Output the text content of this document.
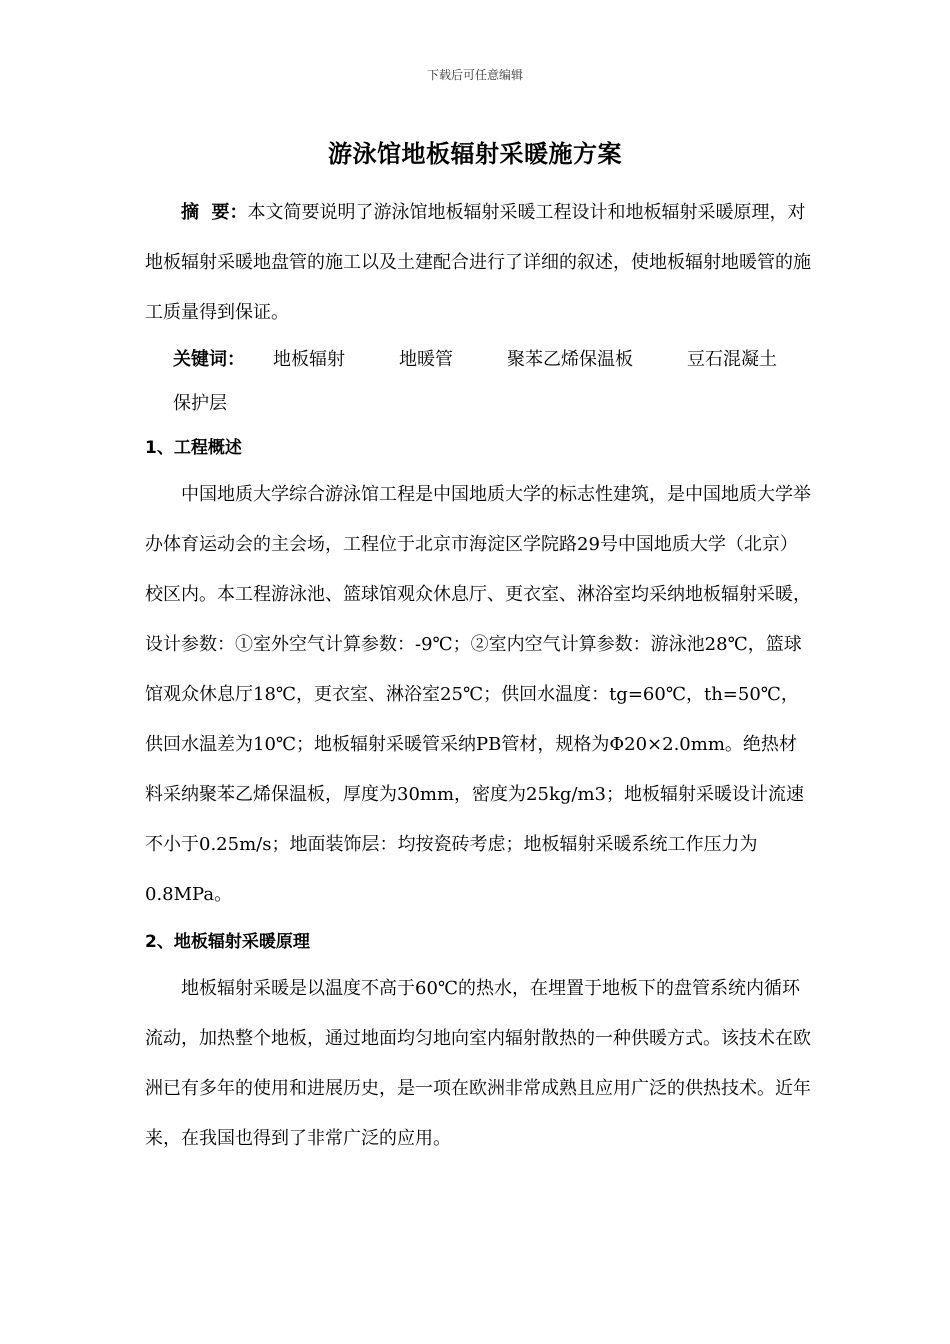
下载后可任意编辑
游泳馆地板辐射采暖施方案

摘  要：本文简要说明了游泳馆地板辐射采暖工程设计和地板辐射采暖原理，对地板辐射采暖地盘管的施工以及土建配合进行了详细的叙述，使地板辐射地暖管的施工质量得到保证。

关键词： 地板辐射	地暖管	聚苯乙烯保温板	豆石混凝土保护层

1、工程概述

中国地质大学综合游泳馆工程是中国地质大学的标志性建筑，是中国地质大学举办体育运动会的主会场，工程位于北京市海淀区学院路29号中国地质大学（北京）校区内。本工程游泳池、篮球馆观众休息厅、更衣室、淋浴室均采纳地板辐射采暖，设计参数：①室外空气计算参数：-9℃；②室内空气计算参数：游泳池28℃，篮球馆观众休息厅18℃，更衣室、淋浴室25℃；供回水温度：tg=60℃，th=50℃，供回水温差为10℃；地板辐射采暖管采纳PB管材，规格为Φ20×2.0mm。绝热材料采纳聚苯乙烯保温板，厚度为30mm，密度为25kg/m3；地板辐射采暖设计流速不小于0.25m/s；地面装饰层：均按瓷砖考虑；地板辐射采暖系统工作压力为0.8MPa。

2、地板辐射采暖原理

地板辐射采暖是以温度不高于60℃的热水，在埋置于地板下的盘管系统内循环流动，加热整个地板，通过地面均匀地向室内辐射散热的一种供暖方式。该技术在欧洲已有多年的使用和进展历史，是一项在欧洲非常成熟且应用广泛的供热技术。近年来，在我国也得到了非常广泛的应用。
